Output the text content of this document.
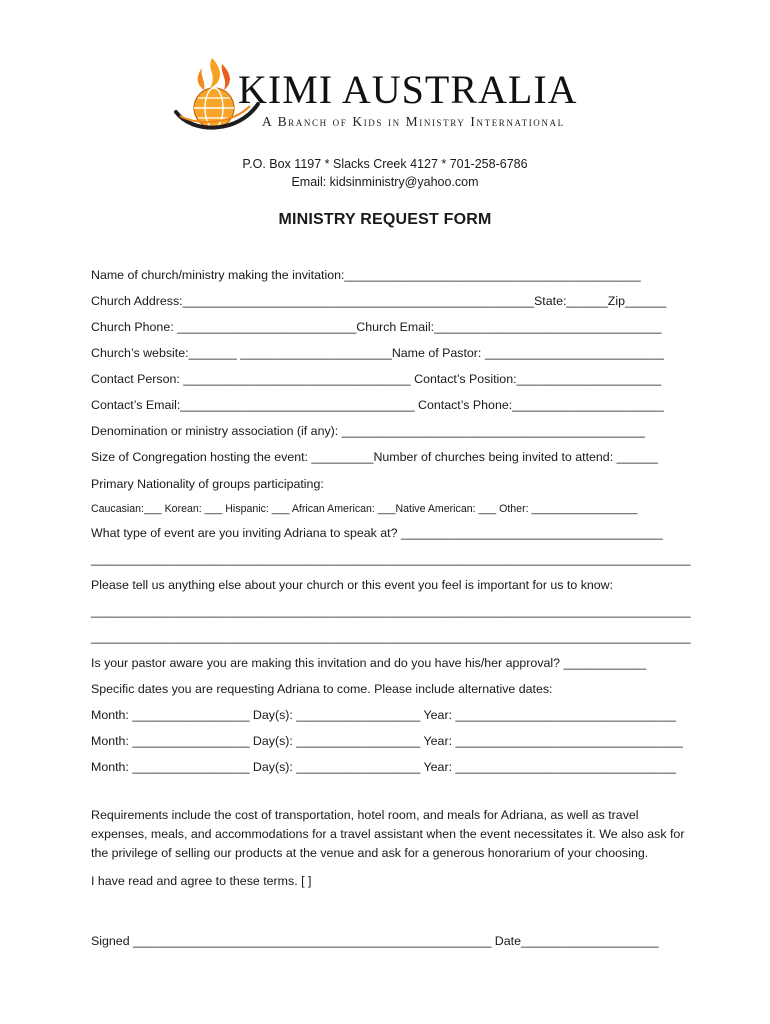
KIMI AUSTRALIA
A Branch of Kids in Ministry International
P.O. Box 1197 * Slacks Creek 4127 * 701-258-6786
Email: kidsinministry@yahoo.com
MINISTRY REQUEST FORM
Name of church/ministry making the invitation:___________________________________________
Church Address:___________________________________________________State:______Zip______
Church Phone: __________________________Church Email:_________________________________
Church’s website:_______ ______________________Name of Pastor: __________________________
Contact Person: _________________________________ Contact’s Position:_____________________
Contact’s Email:__________________________________ Contact’s Phone:______________________
Denomination or ministry association (if any): ____________________________________________
Size of Congregation hosting the event: _________Number of churches being invited to attend: ______
Primary Nationality of groups participating:
Caucasian:___ Korean: ___ Hispanic: ___ African American: ___Native American: ___ Other: __________________
What type of event are you inviting Adriana to speak at? ______________________________________
_______________________________________________________________________________________
Please tell us anything else about your church or this event you feel is important for us to know:
_______________________________________________________________________________________
_______________________________________________________________________________________
Is your pastor aware you are making this invitation and do you have his/her approval? ____________
Specific dates you are requesting Adriana to come. Please include alternative dates:
Month: _________________ Day(s): __________________ Year: ________________________________
Month: _________________ Day(s): __________________ Year: _________________________________
Month: _________________ Day(s): __________________ Year: ________________________________
Requirements include the cost of transportation, hotel room, and meals for Adriana, as well as travel expenses, meals, and accommodations for a travel assistant when the event necessitates it. We also ask for the privilege of selling our products at the venue and ask for a generous honorarium of your choosing.
I have read and agree to these terms. [ ]
Signed ____________________________________________________ Date____________________
